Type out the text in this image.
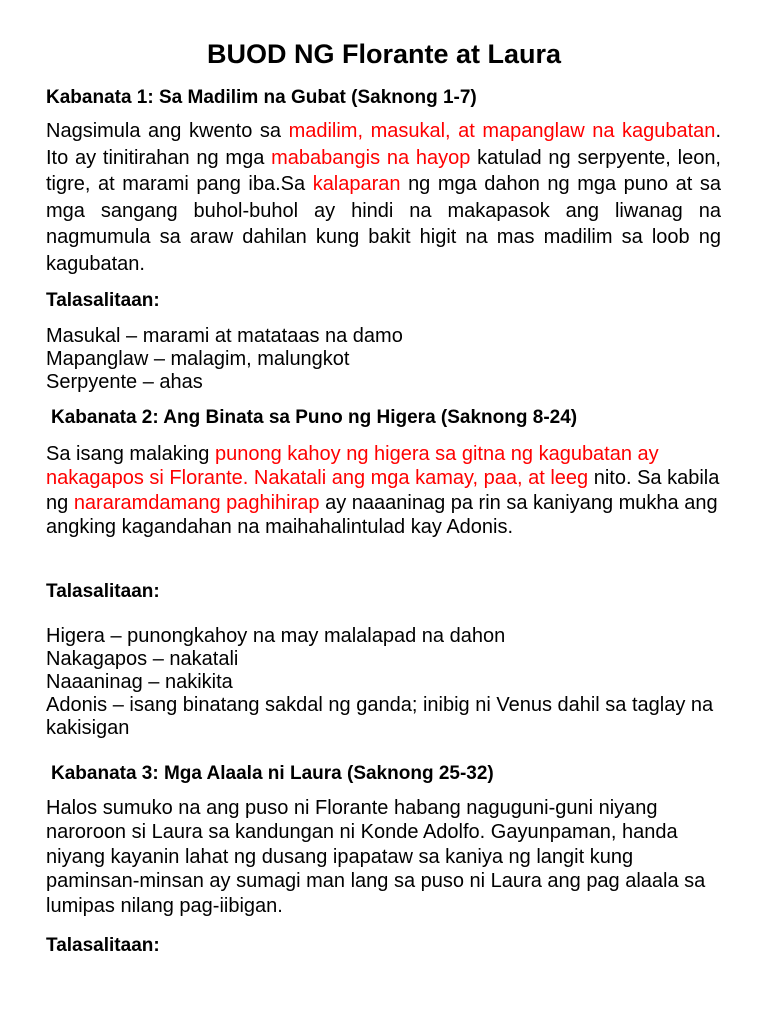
BUOD NG Florante at Laura
Kabanata 1: Sa Madilim na Gubat (Saknong 1-7)

Nagsimula ang kwento sa madilim, masukal, at mapanglaw na kagubatan. Ito ay tinitirahan ng mga mababangis na hayop katulad ng serpyente, leon, tigre, at marami pang iba.Sa kalaparan ng mga dahon ng mga puno at sa mga sangang buhol-buhol ay hindi na makapasok ang liwanag na nagmumula sa araw dahilan kung bakit higit na mas madilim sa loob ng kagubatan.

Talasalitaan:
Masukal – marami at matataas na damo
Mapanglaw – malagim, malungkot
Serpyente – ahas
Kabanata 2: Ang Binata sa Puno ng Higera (Saknong 8-24)

Sa isang malaking punong kahoy ng higera sa gitna ng kagubatan ay nakagapos si Florante. Nakatali ang mga kamay, paa, at leeg nito. Sa kabila ng nararamdamang paghihirap ay naaaninag pa rin sa kaniyang mukha ang angking kagandahan na maihahalintulad kay Adonis.

Talasalitaan:
Higera – punongkahoy na may malalapad na dahon
Nakagapos – nakatali
Naaaninag – nakikita
Adonis – isang binatang sakdal ng ganda; inibig ni Venus dahil sa taglay na kakisigan
Kabanata 3: Mga Alaala ni Laura (Saknong 25-32)

Halos sumuko na ang puso ni Florante habang naguguni-guni niyang naroroon si Laura sa kandungan ni Konde Adolfo. Gayunpaman, handa niyang kayanin lahat ng dusang ipapataw sa kaniya ng langit kung paminsan-minsan ay sumagi man lang sa puso ni Laura ang pag alaala sa lumipas nilang pag-iibigan.

Talasalitaan:
